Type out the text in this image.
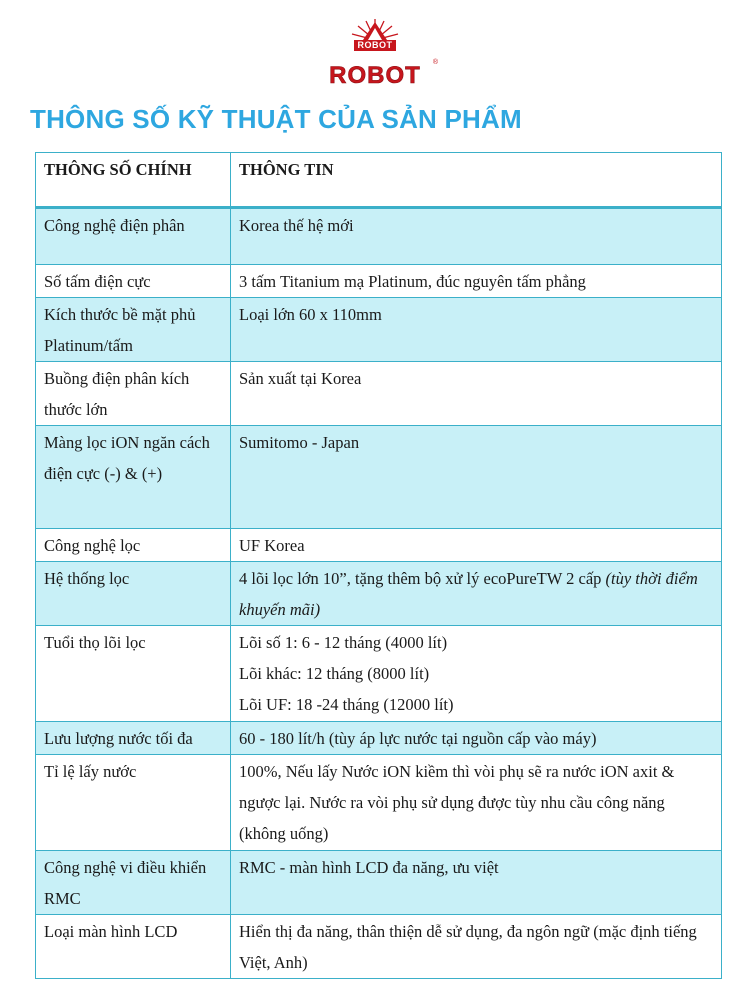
ROBOT
ROBOT	®
THÔNG SỐ KỸ THUẬT CỦA SẢN PHẨM
THÔNG SỐ CHÍNH	THÔNG TIN
Công nghệ điện phân	Korea thế hệ mới
Số tấm điện cực	3 tấm Titanium mạ Platinum, đúc nguyên tấm phẳng
Kích thước bề mặt phủ Platinum/tấm	Loại lớn 60 x 110mm
Buồng điện phân kích thước lớn	Sản xuất tại Korea
Màng lọc iON ngăn cách điện cực (-) & (+)	Sumitomo - Japan
Công nghệ lọc	UF Korea
Hệ thống lọc	4 lõi lọc lớn 10”, tặng thêm bộ xử lý ecoPureTW 2 cấp (tùy thời điểm khuyến mãi)
Tuổi thọ lõi lọc	Lõi số 1: 6 - 12 tháng (4000 lít)
Lõi khác: 12 tháng (8000 lít)
Lõi UF: 18 -24 tháng (12000 lít)

Lưu lượng nước tối đa	60 - 180 lít/h (tùy áp lực nước tại nguồn cấp vào máy)
Tỉ lệ lấy nước	100%, Nếu lấy Nước iON kiềm thì vòi phụ sẽ ra nước iON axit & ngược lại. Nước ra vòi phụ sử dụng được tùy nhu cầu công năng (không uống)
Công nghệ vi điều khiển RMC	RMC - màn hình LCD đa năng, ưu việt
Loại màn hình LCD	Hiển thị đa năng, thân thiện dễ sử dụng, đa ngôn ngữ (mặc định tiếng Việt, Anh)
